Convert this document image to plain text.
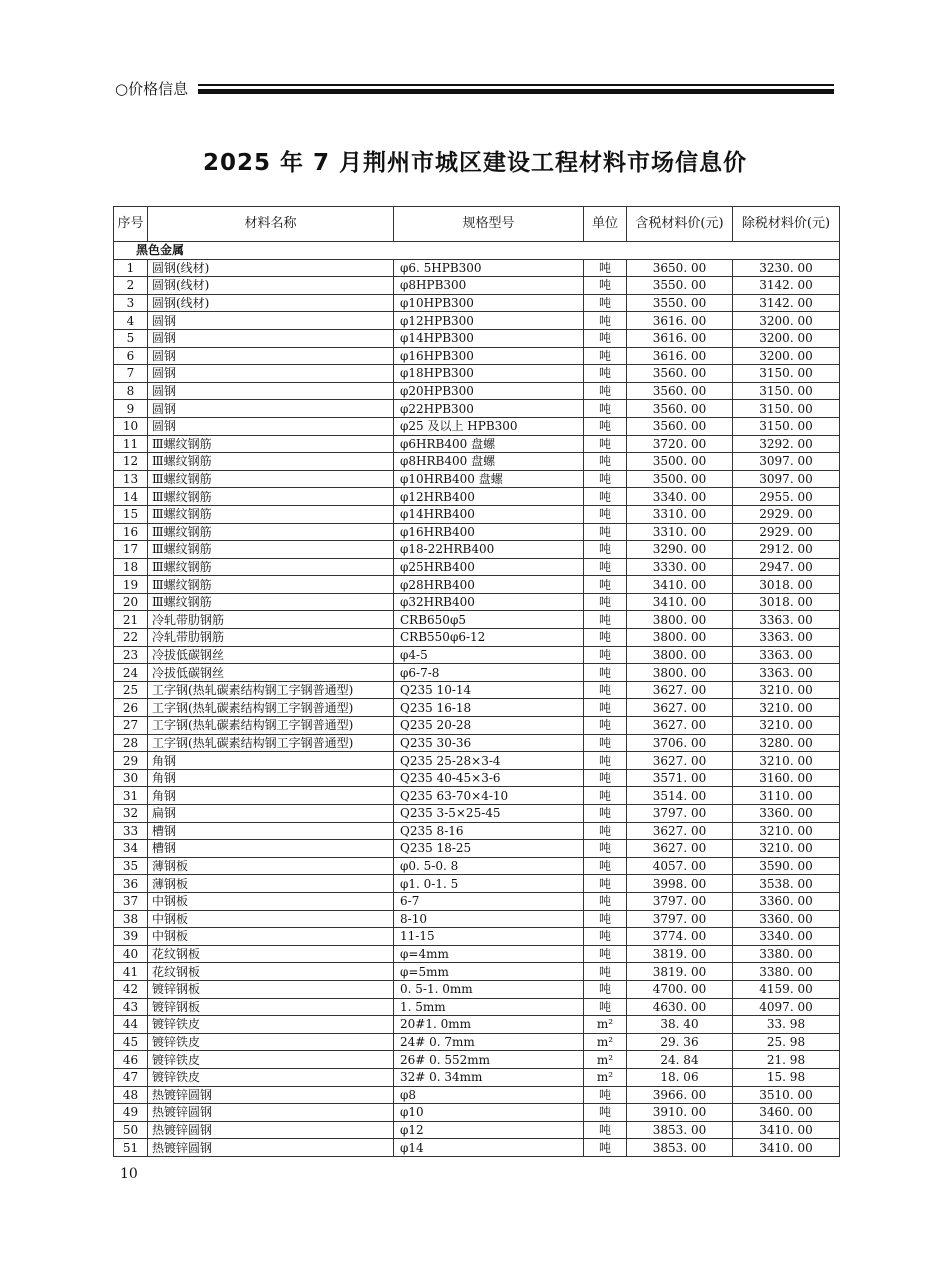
○价格信息
2025 年 7 月荆州市城区建设工程材料市场信息价
序号	材料名称	规格型号	单位	含税材料价(元)	除税材料价(元)
黑色金属					
1	圆钢(线材)	φ6. 5HPB300	吨	3650. 00	3230. 00
2	圆钢(线材)	φ8HPB300	吨	3550. 00	3142. 00
3	圆钢(线材)	φ10HPB300	吨	3550. 00	3142. 00
4	圆钢	φ12HPB300	吨	3616. 00	3200. 00
5	圆钢	φ14HPB300	吨	3616. 00	3200. 00
6	圆钢	φ16HPB300	吨	3616. 00	3200. 00
7	圆钢	φ18HPB300	吨	3560. 00	3150. 00
8	圆钢	φ20HPB300	吨	3560. 00	3150. 00
9	圆钢	φ22HPB300	吨	3560. 00	3150. 00
10	圆钢	φ25 及以上 HPB300	吨	3560. 00	3150. 00
11	Ⅲ螺纹钢筋	φ6HRB400 盘螺	吨	3720. 00	3292. 00
12	Ⅲ螺纹钢筋	φ8HRB400 盘螺	吨	3500. 00	3097. 00
13	Ⅲ螺纹钢筋	φ10HRB400 盘螺	吨	3500. 00	3097. 00
14	Ⅲ螺纹钢筋	φ12HRB400	吨	3340. 00	2955. 00
15	Ⅲ螺纹钢筋	φ14HRB400	吨	3310. 00	2929. 00
16	Ⅲ螺纹钢筋	φ16HRB400	吨	3310. 00	2929. 00
17	Ⅲ螺纹钢筋	φ18-22HRB400	吨	3290. 00	2912. 00
18	Ⅲ螺纹钢筋	φ25HRB400	吨	3330. 00	2947. 00
19	Ⅲ螺纹钢筋	φ28HRB400	吨	3410. 00	3018. 00
20	Ⅲ螺纹钢筋	φ32HRB400	吨	3410. 00	3018. 00
21	冷轧带肋钢筋	CRB650φ5	吨	3800. 00	3363. 00
22	冷轧带肋钢筋	CRB550φ6-12	吨	3800. 00	3363. 00
23	冷拔低碳钢丝	φ4-5	吨	3800. 00	3363. 00
24	冷拔低碳钢丝	φ6-7-8	吨	3800. 00	3363. 00
25	工字钢(热轧碳素结构钢工字钢普通型)	Q235 10-14	吨	3627. 00	3210. 00
26	工字钢(热轧碳素结构钢工字钢普通型)	Q235 16-18	吨	3627. 00	3210. 00
27	工字钢(热轧碳素结构钢工字钢普通型)	Q235 20-28	吨	3627. 00	3210. 00
28	工字钢(热轧碳素结构钢工字钢普通型)	Q235 30-36	吨	3706. 00	3280. 00
29	角钢	Q235 25-28×3-4	吨	3627. 00	3210. 00
30	角钢	Q235 40-45×3-6	吨	3571. 00	3160. 00
31	角钢	Q235 63-70×4-10	吨	3514. 00	3110. 00
32	扁钢	Q235 3-5×25-45	吨	3797. 00	3360. 00
33	槽钢	Q235 8-16	吨	3627. 00	3210. 00
34	槽钢	Q235 18-25	吨	3627. 00	3210. 00
35	薄钢板	φ0. 5-0. 8	吨	4057. 00	3590. 00
36	薄钢板	φ1. 0-1. 5	吨	3998. 00	3538. 00
37	中钢板	6-7	吨	3797. 00	3360. 00
38	中钢板	8-10	吨	3797. 00	3360. 00
39	中钢板	11-15	吨	3774. 00	3340. 00
40	花纹钢板	φ=4mm	吨	3819. 00	3380. 00
41	花纹钢板	φ=5mm	吨	3819. 00	3380. 00
42	镀锌钢板	0. 5-1. 0mm	吨	4700. 00	4159. 00
43	镀锌钢板	1. 5mm	吨	4630. 00	4097. 00
44	镀锌铁皮	20#1. 0mm	m²	38. 40	33. 98
45	镀锌铁皮	24# 0. 7mm	m²	29. 36	25. 98
46	镀锌铁皮	26# 0. 552mm	m²	24. 84	21. 98
47	镀锌铁皮	32# 0. 34mm	m²	18. 06	15. 98
48	热镀锌圆钢	φ8	吨	3966. 00	3510. 00
49	热镀锌圆钢	φ10	吨	3910. 00	3460. 00
50	热镀锌圆钢	φ12	吨	3853. 00	3410. 00
51	热镀锌圆钢	φ14	吨	3853. 00	3410. 00
10
